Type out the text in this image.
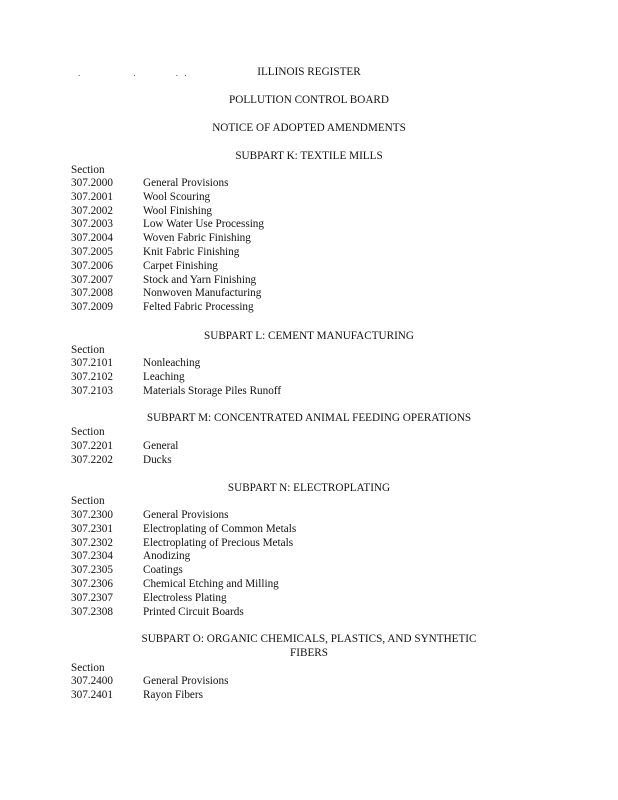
.            .         . .	ILLINOIS REGISTER
POLLUTION CONTROL BOARD
NOTICE OF ADOPTED AMENDMENTS
SUBPART K: TEXTILE MILLS
Section
307.2000	General Provisions
307.2001	Wool Scouring
307.2002	Wool Finishing
307.2003	Low Water Use Processing
307.2004	Woven Fabric Finishing
307.2005	Knit Fabric Finishing
307.2006	Carpet Finishing
307.2007	Stock and Yarn Finishing
307.2008	Nonwoven Manufacturing
307.2009	Felted Fabric Processing
SUBPART L: CEMENT MANUFACTURING
Section
307.2101	Nonleaching
307.2102	Leaching
307.2103	Materials Storage Piles Runoff
SUBPART M: CONCENTRATED ANIMAL FEEDING OPERATIONS
Section
307.2201	General
307.2202	Ducks
SUBPART N: ELECTROPLATING
Section
307.2300	General Provisions
307.2301	Electroplating of Common Metals
307.2302	Electroplating of Precious Metals
307.2304	Anodizing
307.2305	Coatings
307.2306	Chemical Etching and Milling
307.2307	Electroless Plating
307.2308	Printed Circuit Boards
SUBPART O: ORGANIC CHEMICALS, PLASTICS, AND SYNTHETIC
FIBERS
Section
307.2400	General Provisions
307.2401	Rayon Fibers
